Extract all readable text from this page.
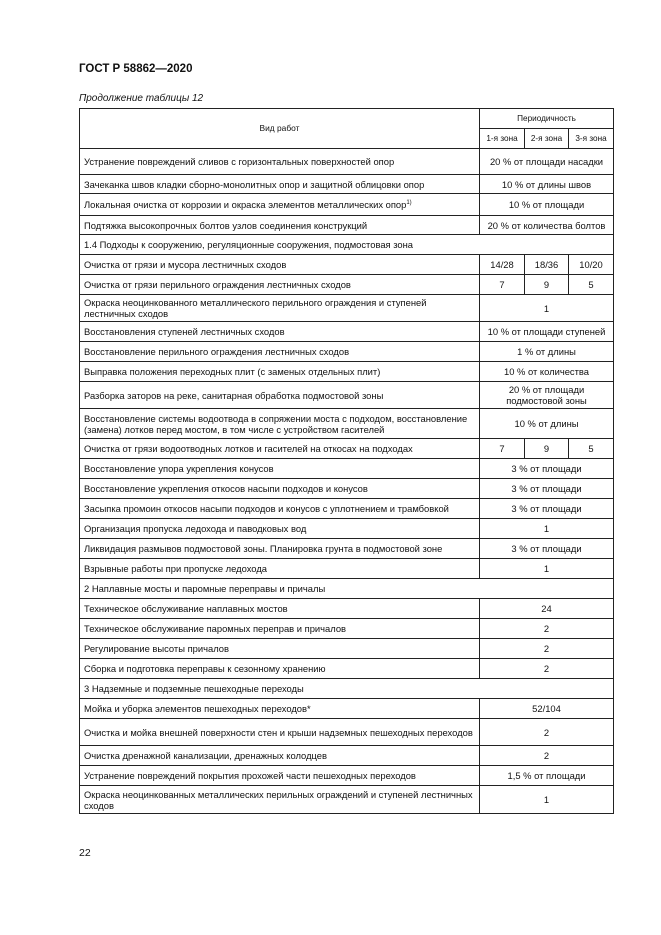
ГОСТ Р 58862—2020
Продолжение таблицы 12
Вид работ	Периодичность		
	1-я зона	2-я зона	3-я зона
Устранение повреждений сливов с горизонтальных поверхностей опор	20 % от площади насадки		
Зачеканка швов кладки сборно-монолитных опор и защитной облицовки опор	10 % от длины швов		
Локальная очистка от коррозии и окраска элементов металлических опор$^{1)}$	10 % от площади		
Подтяжка высокопрочных болтов узлов соединения конструкций	20 % от количества болтов		
1.4 Подходы к сооружению, регуляционные сооружения, подмостовая зона			
Очистка от грязи и мусора лестничных сходов	14/28	18/36	10/20
Очистка от грязи перильного ограждения лестничных сходов	7	9	5
Окраска неоцинкованного металлического перильного ограждения и ступеней лестничных сходов	1		
Восстановления ступеней лестничных сходов	10 % от площади ступеней		
Восстановление перильного ограждения лестничных сходов	1 % от длины		
Выправка положения переходных плит (с заменых отдельных плит)	10 % от количества		
Разборка заторов на реке, санитарная обработка подмостовой зоны	20 % от площади подмостовой зоны		
Восстановление системы водоотвода в сопряжении моста с подходом, восстановление (замена) лотков перед мостом, в том числе с устройством гасителей	10 % от длины		
Очистка от грязи водоотводных лотков и гасителей на откосах на подходах	7	9	5
Восстановление упора укрепления конусов	3 % от площади		
Восстановление укрепления откосов насыпи подходов и конусов	3 % от площади		
Засыпка промоин откосов насыпи подходов и конусов с уплотнением и трамбовкой	3 % от площади		
Организация пропуска ледохода и паводковых вод	1		
Ликвидация размывов подмостовой зоны. Планировка грунта в подмостовой зоне	3 % от площади		
Взрывные работы при пропуске ледохода	1		
2 Наплавные мосты и паромные переправы и причалы			
Техническое обслуживание наплавных мостов	24		
Техническое обслуживание паромных переправ и причалов	2		
Регулирование высоты причалов	2		
Сборка и подготовка переправы к сезонному хранению	2		
3 Надземные и подземные пешеходные переходы			
Мойка и уборка элементов пешеходных переходов*	52/104		
Очистка и мойка внешней поверхности стен и крыши надземных пешеходных переходов	2		
Очистка дренажной канализации, дренажных колодцев	2		
Устранение повреждений покрытия прохожей части пешеходных переходов	1,5 % от площади		
Окраска неоцинкованных металлических перильных ограждений и ступеней лестничных сходов	1		
22
